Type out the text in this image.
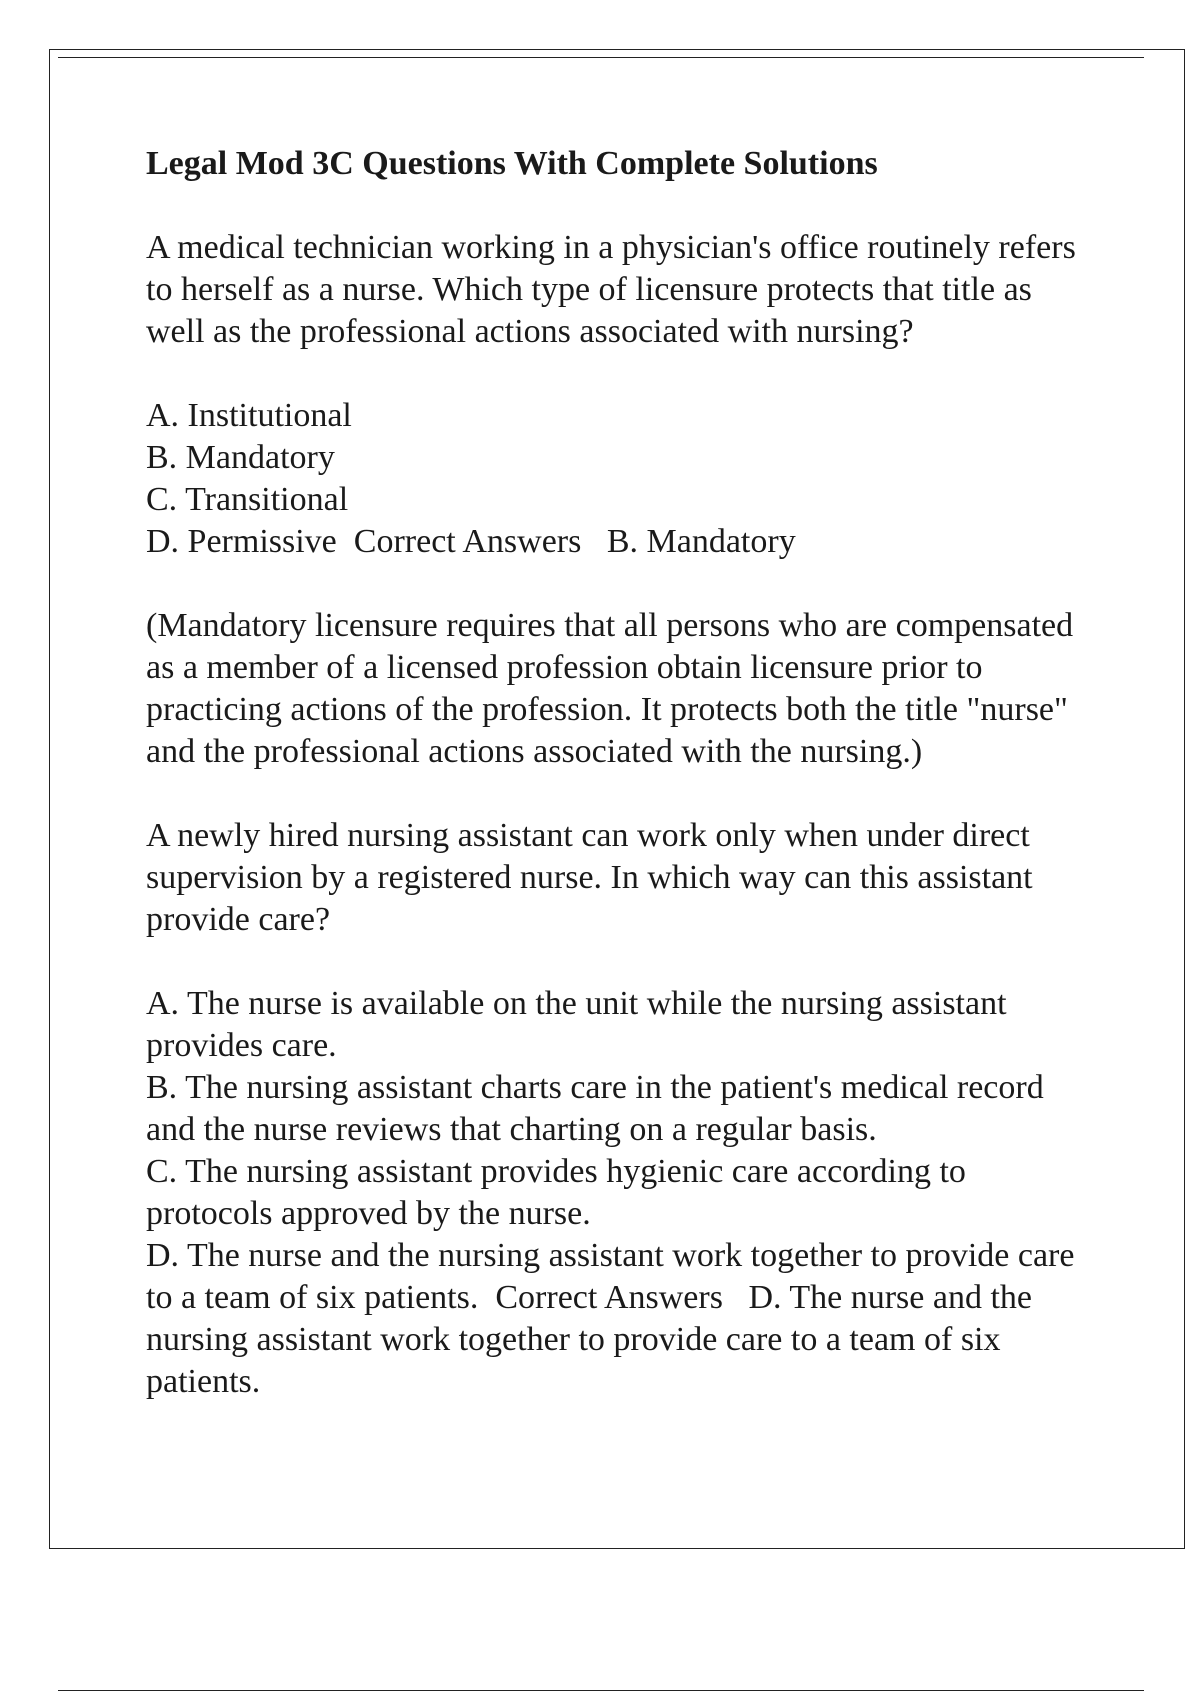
Legal Mod 3C Questions With Complete Solutions
A medical technician working in a physician's office routinely refers to herself as a nurse. Which type of licensure protects that title as well as the professional actions associated with nursing?
A. Institutional
B. Mandatory
C. Transitional
D. Permissive Correct Answers B. Mandatory
(Mandatory licensure requires that all persons who are compensated as a member of a licensed profession obtain licensure prior to practicing actions of the profession. It protects both the title "nurse" and the professional actions associated with the nursing.)
A newly hired nursing assistant can work only when under direct supervision by a registered nurse. In which way can this assistant provide care?
A. The nurse is available on the unit while the nursing assistant provides care.
B. The nursing assistant charts care in the patient's medical record and the nurse reviews that charting on a regular basis.
C. The nursing assistant provides hygienic care according to protocols approved by the nurse.
D. The nurse and the nursing assistant work together to provide care to a team of six patients. Correct Answers D. The nurse and the nursing assistant work together to provide care to a team of six patients.
